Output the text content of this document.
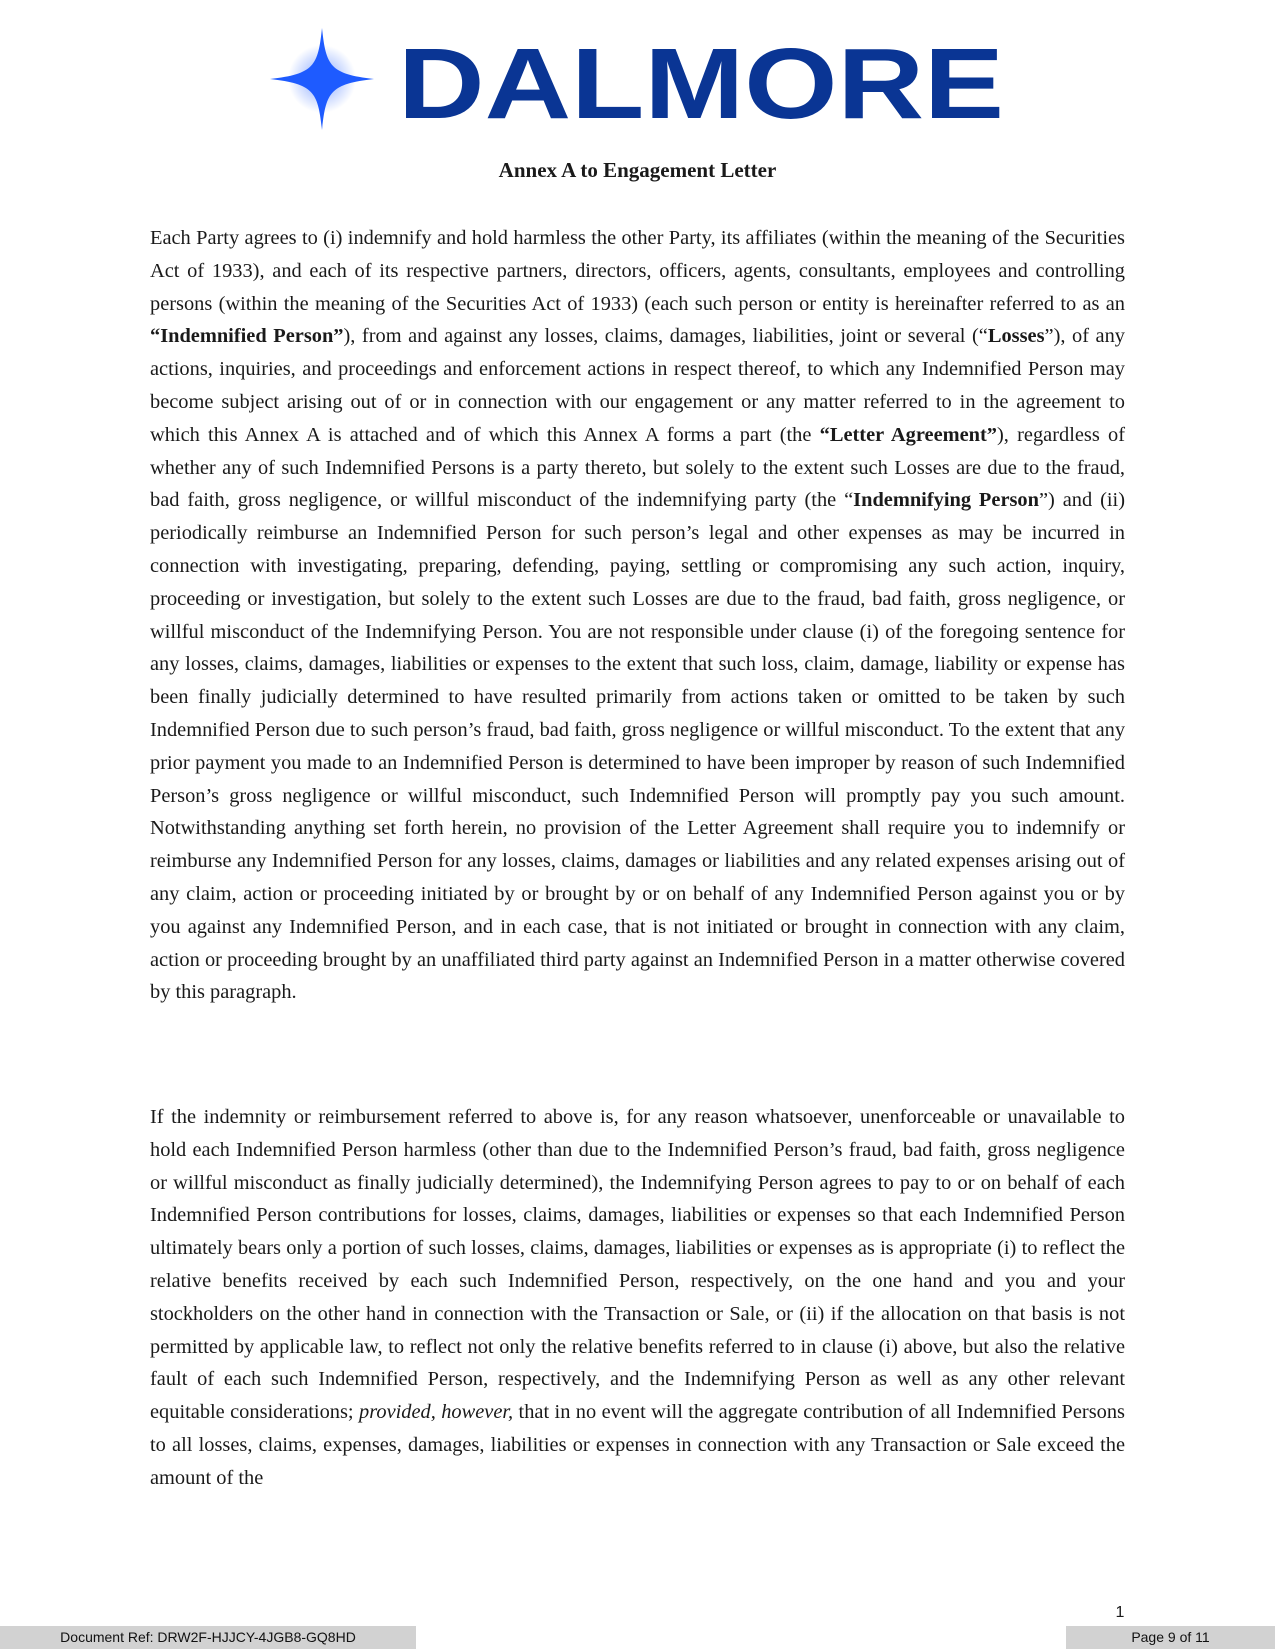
DALMORE
Annex A to Engagement Letter

Each Party agrees to (i) indemnify and hold harmless the other Party, its affiliates (within the meaning of the Securities Act of 1933), and each of its respective partners, directors, officers, agents, consultants, employees and controlling persons (within the meaning of the Securities Act of 1933) (each such person or entity is hereinafter referred to as an “Indemnified Person”), from and against any losses, claims, damages, liabilities, joint or several (“Losses”), of any actions, inquiries, and proceedings and enforcement actions in respect thereof, to which any Indemnified Person may become subject arising out of or in connection with our engagement or any matter referred to in the agreement to which this Annex A is attached and of which this Annex A forms a part (the “Letter Agreement”), regardless of whether any of such Indemnified Persons is a party thereto, but solely to the extent such Losses are due to the fraud, bad faith, gross negligence, or willful misconduct of the indemnifying party (the “Indemnifying Person”) and (ii) periodically reimburse an Indemnified Person for such person’s legal and other expenses as may be incurred in connection with investigating, preparing, defending, paying, settling or compromising any such action, inquiry, proceeding or investigation, but solely to the extent such Losses are due to the fraud, bad faith, gross negligence, or willful misconduct of the Indemnifying Person. You are not responsible under clause (i) of the foregoing sentence for any losses, claims, damages, liabilities or expenses to the extent that such loss, claim, damage, liability or expense has been finally judicially determined to have resulted primarily from actions taken or omitted to be taken by such Indemnified Person due to such person’s fraud, bad faith, gross negligence or willful misconduct. To the extent that any prior payment you made to an Indemnified Person is determined to have been improper by reason of such Indemnified Person’s gross negligence or willful misconduct, such Indemnified Person will promptly pay you such amount. Notwithstanding anything set forth herein, no provision of the Letter Agreement shall require you to indemnify or reimburse any Indemnified Person for any losses, claims, damages or liabilities and any related expenses arising out of any claim, action or proceeding initiated by or brought by or on behalf of any Indemnified Person against you or by you against any Indemnified Person, and in each case, that is not initiated or brought in connection with any claim, action or proceeding brought by an unaffiliated third party against an Indemnified Person in a matter otherwise covered by this paragraph.

If the indemnity or reimbursement referred to above is, for any reason whatsoever, unenforceable or unavailable to hold each Indemnified Person harmless (other than due to the Indemnified Person’s fraud, bad faith, gross negligence or willful misconduct as finally judicially determined), the Indemnifying Person agrees to pay to or on behalf of each Indemnified Person contributions for losses, claims, damages, liabilities or expenses so that each Indemnified Person ultimately bears only a portion of such losses, claims, damages, liabilities or expenses as is appropriate (i) to reflect the relative benefits received by each such Indemnified Person, respectively, on the one hand and you and your stockholders on the other hand in connection with the Transaction or Sale, or (ii) if the allocation on that basis is not permitted by applicable law, to reflect not only the relative benefits referred to in clause (i) above, but also the relative fault of each such Indemnified Person, respectively, and the Indemnifying Person as well as any other relevant equitable considerations; provided, however, that in no event will the aggregate contribution of all Indemnified Persons to all losses, claims, expenses, damages, liabilities or expenses in connection with any Transaction or Sale exceed the amount of the

1
Document Ref: DRW2F-HJJCY-4JGB8-GQ8HD	Page 9 of 11
